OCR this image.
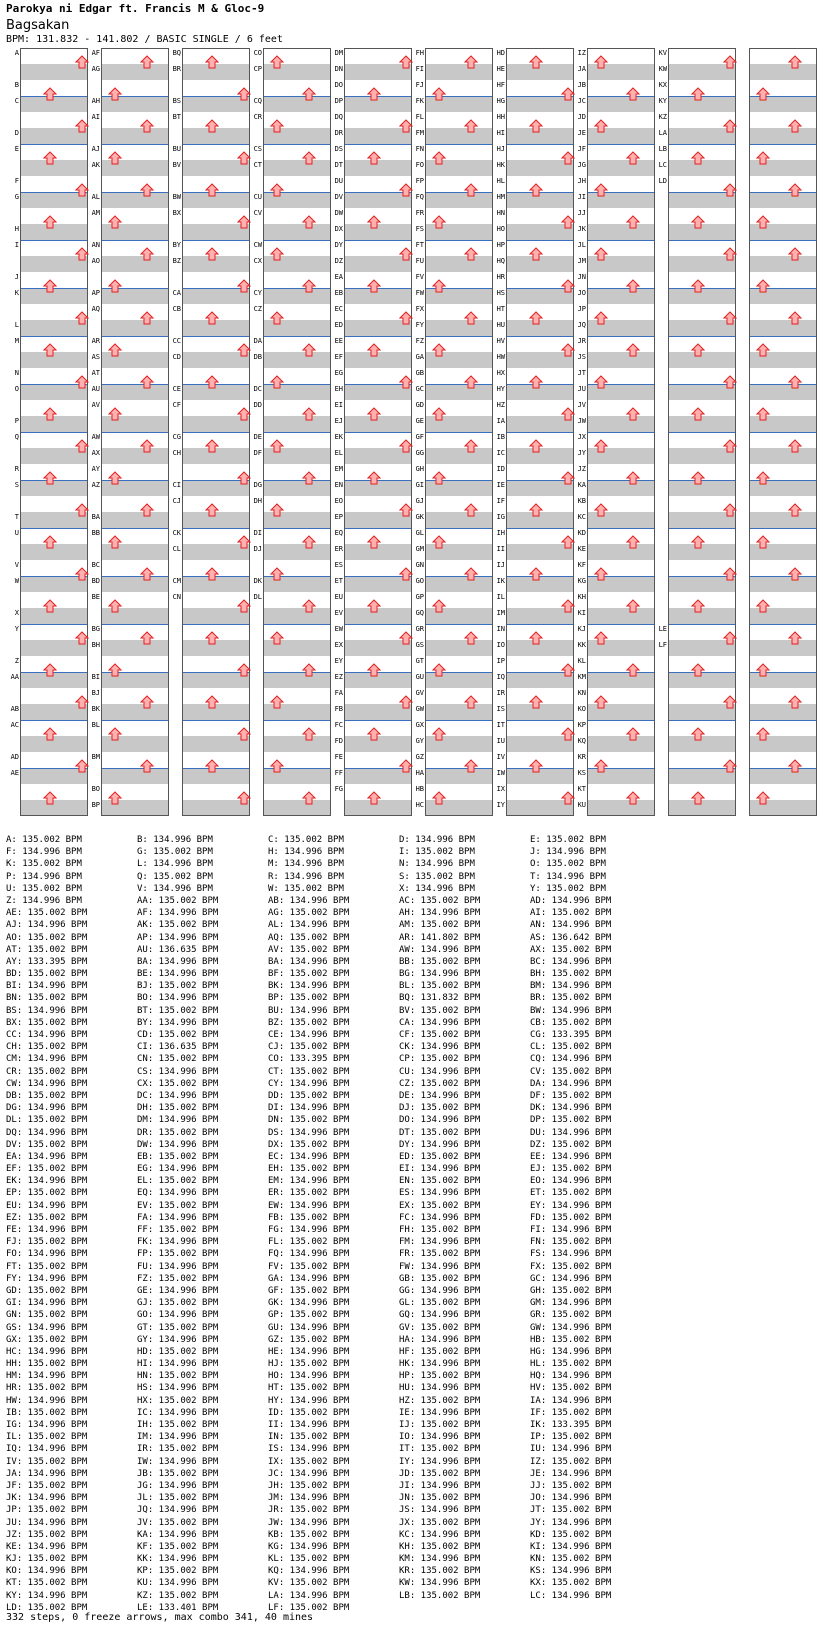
Parokya ni Edgar ft. Francis M & Gloc-9
Bagsakan
BPM: 131.832 - 141.802 / BASIC SINGLE / 6 feet
A
B
C
D
E
F
G
H
I
J
K
L
M
N
O
P
Q
R
S
T
U
V
W
X
Y
Z
AA
AB
AC
AD
AE
AF
AG
AH
AI
AJ
AK
AL
AM
AN
AO
AP
AQ
AR
AS
AT
AU
AV
AW
AX
AY
AZ
BA
BB
BC
BD
BE
BG
BH
BI
BJ
BK
BL
BM
BO
BP
BQ
BR
BS
BT
BU
BV
BW
BX
BY
BZ
CA
CB
CC
CD
CE
CF
CG
CH
CI
CJ
CK
CL
CM
CN
CO
CP
CQ
CR
CS
CT
CU
CV
CW
CX
CY
CZ
DA
DB
DC
DD
DE
DF
DG
DH
DI
DJ
DK
DL
DM
DN
DO
DP
DQ
DR
DS
DT
DU
DV
DW
DX
DY
DZ
EA
EB
EC
ED
EE
EF
EG
EH
EI
EJ
EK
EL
EM
EN
EO
EP
EQ
ER
ES
ET
EU
EV
EW
EX
EY
EZ
FA
FB
FC
FD
FE
FF
FG
FH
FI
FJ
FK
FL
FM
FN
FO
FP
FQ
FR
FS
FT
FU
FV
FW
FX
FY
FZ
GA
GB
GC
GD
GE
GF
GG
GH
GI
GJ
GK
GL
GM
GN
GO
GP
GQ
GR
GS
GT
GU
GV
GW
GX
GY
GZ
HA
HB
HC
HD
HE
HF
HG
HH
HI
HJ
HK
HL
HM
HN
HO
HP
HQ
HR
HS
HT
HU
HV
HW
HX
HY
HZ
IA
IB
IC
ID
IE
IF
IG
IH
II
IJ
IK
IL
IM
IN
IO
IP
IQ
IR
IS
IT
IU
IV
IW
IX
IY
IZ
JA
JB
JC
JD
JE
JF
JG
JH
JI
JJ
JK
JL
JM
JN
JO
JP
JQ
JR
JS
JT
JU
JV
JW
JX
JY
JZ
KA
KB
KC
KD
KE
KF
KG
KH
KI
KJ
KK
KL
KM
KN
KO
KP
KQ
KR
KS
KT
KU
KV
KW
KX
KY
KZ
LA
LB
LC
LD
LE
LF
A: 135.002 BPM	B: 134.996 BPM	C: 135.002 BPM	D: 134.996 BPM	E: 135.002 BPM
F: 134.996 BPM	G: 135.002 BPM	H: 134.996 BPM	I: 135.002 BPM	J: 134.996 BPM
K: 135.002 BPM	L: 134.996 BPM	M: 134.996 BPM	N: 134.996 BPM	O: 135.002 BPM
P: 134.996 BPM	Q: 135.002 BPM	R: 134.996 BPM	S: 135.002 BPM	T: 134.996 BPM
U: 135.002 BPM	V: 134.996 BPM	W: 135.002 BPM	X: 134.996 BPM	Y: 135.002 BPM
Z: 134.996 BPM	AA: 135.002 BPM	AB: 134.996 BPM	AC: 135.002 BPM	AD: 134.996 BPM
AE: 135.002 BPM	AF: 134.996 BPM	AG: 135.002 BPM	AH: 134.996 BPM	AI: 135.002 BPM
AJ: 134.996 BPM	AK: 135.002 BPM	AL: 134.996 BPM	AM: 135.002 BPM	AN: 134.996 BPM
AO: 135.002 BPM	AP: 134.996 BPM	AQ: 135.002 BPM	AR: 141.802 BPM	AS: 136.642 BPM
AT: 135.002 BPM	AU: 136.635 BPM	AV: 135.002 BPM	AW: 134.996 BPM	AX: 135.002 BPM
AY: 133.395 BPM	BA: 134.996 BPM	BA: 134.996 BPM	BB: 135.002 BPM	BC: 134.996 BPM
BD: 135.002 BPM	BE: 134.996 BPM	BF: 135.002 BPM	BG: 134.996 BPM	BH: 135.002 BPM
BI: 134.996 BPM	BJ: 135.002 BPM	BK: 134.996 BPM	BL: 135.002 BPM	BM: 134.996 BPM
BN: 135.002 BPM	BO: 134.996 BPM	BP: 135.002 BPM	BQ: 131.832 BPM	BR: 135.002 BPM
BS: 134.996 BPM	BT: 135.002 BPM	BU: 134.996 BPM	BV: 135.002 BPM	BW: 134.996 BPM
BX: 135.002 BPM	BY: 134.996 BPM	BZ: 135.002 BPM	CA: 134.996 BPM	CB: 135.002 BPM
CC: 134.996 BPM	CD: 135.002 BPM	CE: 134.996 BPM	CF: 135.002 BPM	CG: 133.395 BPM
CH: 135.002 BPM	CI: 136.635 BPM	CJ: 135.002 BPM	CK: 134.996 BPM	CL: 135.002 BPM
CM: 134.996 BPM	CN: 135.002 BPM	CO: 133.395 BPM	CP: 135.002 BPM	CQ: 134.996 BPM
CR: 135.002 BPM	CS: 134.996 BPM	CT: 135.002 BPM	CU: 134.996 BPM	CV: 135.002 BPM
CW: 134.996 BPM	CX: 135.002 BPM	CY: 134.996 BPM	CZ: 135.002 BPM	DA: 134.996 BPM
DB: 135.002 BPM	DC: 134.996 BPM	DD: 135.002 BPM	DE: 134.996 BPM	DF: 135.002 BPM
DG: 134.996 BPM	DH: 135.002 BPM	DI: 134.996 BPM	DJ: 135.002 BPM	DK: 134.996 BPM
DL: 135.002 BPM	DM: 134.996 BPM	DN: 135.002 BPM	DO: 134.996 BPM	DP: 135.002 BPM
DQ: 134.996 BPM	DR: 135.002 BPM	DS: 134.996 BPM	DT: 135.002 BPM	DU: 134.996 BPM
DV: 135.002 BPM	DW: 134.996 BPM	DX: 135.002 BPM	DY: 134.996 BPM	DZ: 135.002 BPM
EA: 134.996 BPM	EB: 135.002 BPM	EC: 134.996 BPM	ED: 135.002 BPM	EE: 134.996 BPM
EF: 135.002 BPM	EG: 134.996 BPM	EH: 135.002 BPM	EI: 134.996 BPM	EJ: 135.002 BPM
EK: 134.996 BPM	EL: 135.002 BPM	EM: 134.996 BPM	EN: 135.002 BPM	EO: 134.996 BPM
EP: 135.002 BPM	EQ: 134.996 BPM	ER: 135.002 BPM	ES: 134.996 BPM	ET: 135.002 BPM
EU: 134.996 BPM	EV: 135.002 BPM	EW: 134.996 BPM	EX: 135.002 BPM	EY: 134.996 BPM
EZ: 135.002 BPM	FA: 134.996 BPM	FB: 135.002 BPM	FC: 134.996 BPM	FD: 135.002 BPM
FE: 134.996 BPM	FF: 135.002 BPM	FG: 134.996 BPM	FH: 135.002 BPM	FI: 134.996 BPM
FJ: 135.002 BPM	FK: 134.996 BPM	FL: 135.002 BPM	FM: 134.996 BPM	FN: 135.002 BPM
FO: 134.996 BPM	FP: 135.002 BPM	FQ: 134.996 BPM	FR: 135.002 BPM	FS: 134.996 BPM
FT: 135.002 BPM	FU: 134.996 BPM	FV: 135.002 BPM	FW: 134.996 BPM	FX: 135.002 BPM
FY: 134.996 BPM	FZ: 135.002 BPM	GA: 134.996 BPM	GB: 135.002 BPM	GC: 134.996 BPM
GD: 135.002 BPM	GE: 134.996 BPM	GF: 135.002 BPM	GG: 134.996 BPM	GH: 135.002 BPM
GI: 134.996 BPM	GJ: 135.002 BPM	GK: 134.996 BPM	GL: 135.002 BPM	GM: 134.996 BPM
GN: 135.002 BPM	GO: 134.996 BPM	GP: 135.002 BPM	GQ: 134.996 BPM	GR: 135.002 BPM
GS: 134.996 BPM	GT: 135.002 BPM	GU: 134.996 BPM	GV: 135.002 BPM	GW: 134.996 BPM
GX: 135.002 BPM	GY: 134.996 BPM	GZ: 135.002 BPM	HA: 134.996 BPM	HB: 135.002 BPM
HC: 134.996 BPM	HD: 135.002 BPM	HE: 134.996 BPM	HF: 135.002 BPM	HG: 134.996 BPM
HH: 135.002 BPM	HI: 134.996 BPM	HJ: 135.002 BPM	HK: 134.996 BPM	HL: 135.002 BPM
HM: 134.996 BPM	HN: 135.002 BPM	HO: 134.996 BPM	HP: 135.002 BPM	HQ: 134.996 BPM
HR: 135.002 BPM	HS: 134.996 BPM	HT: 135.002 BPM	HU: 134.996 BPM	HV: 135.002 BPM
HW: 134.996 BPM	HX: 135.002 BPM	HY: 134.996 BPM	HZ: 135.002 BPM	IA: 134.996 BPM
IB: 135.002 BPM	IC: 134.996 BPM	ID: 135.002 BPM	IE: 134.996 BPM	IF: 135.002 BPM
IG: 134.996 BPM	IH: 135.002 BPM	II: 134.996 BPM	IJ: 135.002 BPM	IK: 133.395 BPM
IL: 135.002 BPM	IM: 134.996 BPM	IN: 135.002 BPM	IO: 134.996 BPM	IP: 135.002 BPM
IQ: 134.996 BPM	IR: 135.002 BPM	IS: 134.996 BPM	IT: 135.002 BPM	IU: 134.996 BPM
IV: 135.002 BPM	IW: 134.996 BPM	IX: 135.002 BPM	IY: 134.996 BPM	IZ: 135.002 BPM
JA: 134.996 BPM	JB: 135.002 BPM	JC: 134.996 BPM	JD: 135.002 BPM	JE: 134.996 BPM
JF: 135.002 BPM	JG: 134.996 BPM	JH: 135.002 BPM	JI: 134.996 BPM	JJ: 135.002 BPM
JK: 134.996 BPM	JL: 135.002 BPM	JM: 134.996 BPM	JN: 135.002 BPM	JO: 134.996 BPM
JP: 135.002 BPM	JQ: 134.996 BPM	JR: 135.002 BPM	JS: 134.996 BPM	JT: 135.002 BPM
JU: 134.996 BPM	JV: 135.002 BPM	JW: 134.996 BPM	JX: 135.002 BPM	JY: 134.996 BPM
JZ: 135.002 BPM	KA: 134.996 BPM	KB: 135.002 BPM	KC: 134.996 BPM	KD: 135.002 BPM
KE: 134.996 BPM	KF: 135.002 BPM	KG: 134.996 BPM	KH: 135.002 BPM	KI: 134.996 BPM
KJ: 135.002 BPM	KK: 134.996 BPM	KL: 135.002 BPM	KM: 134.996 BPM	KN: 135.002 BPM
KO: 134.996 BPM	KP: 135.002 BPM	KQ: 134.996 BPM	KR: 135.002 BPM	KS: 134.996 BPM
KT: 135.002 BPM	KU: 134.996 BPM	KV: 135.002 BPM	KW: 134.996 BPM	KX: 135.002 BPM
KY: 134.996 BPM	KZ: 135.002 BPM	LA: 134.996 BPM	LB: 135.002 BPM	LC: 134.996 BPM
LD: 135.002 BPM	LE: 133.401 BPM	LF: 135.002 BPM
332 steps, 0 freeze arrows, max combo 341, 40 mines
